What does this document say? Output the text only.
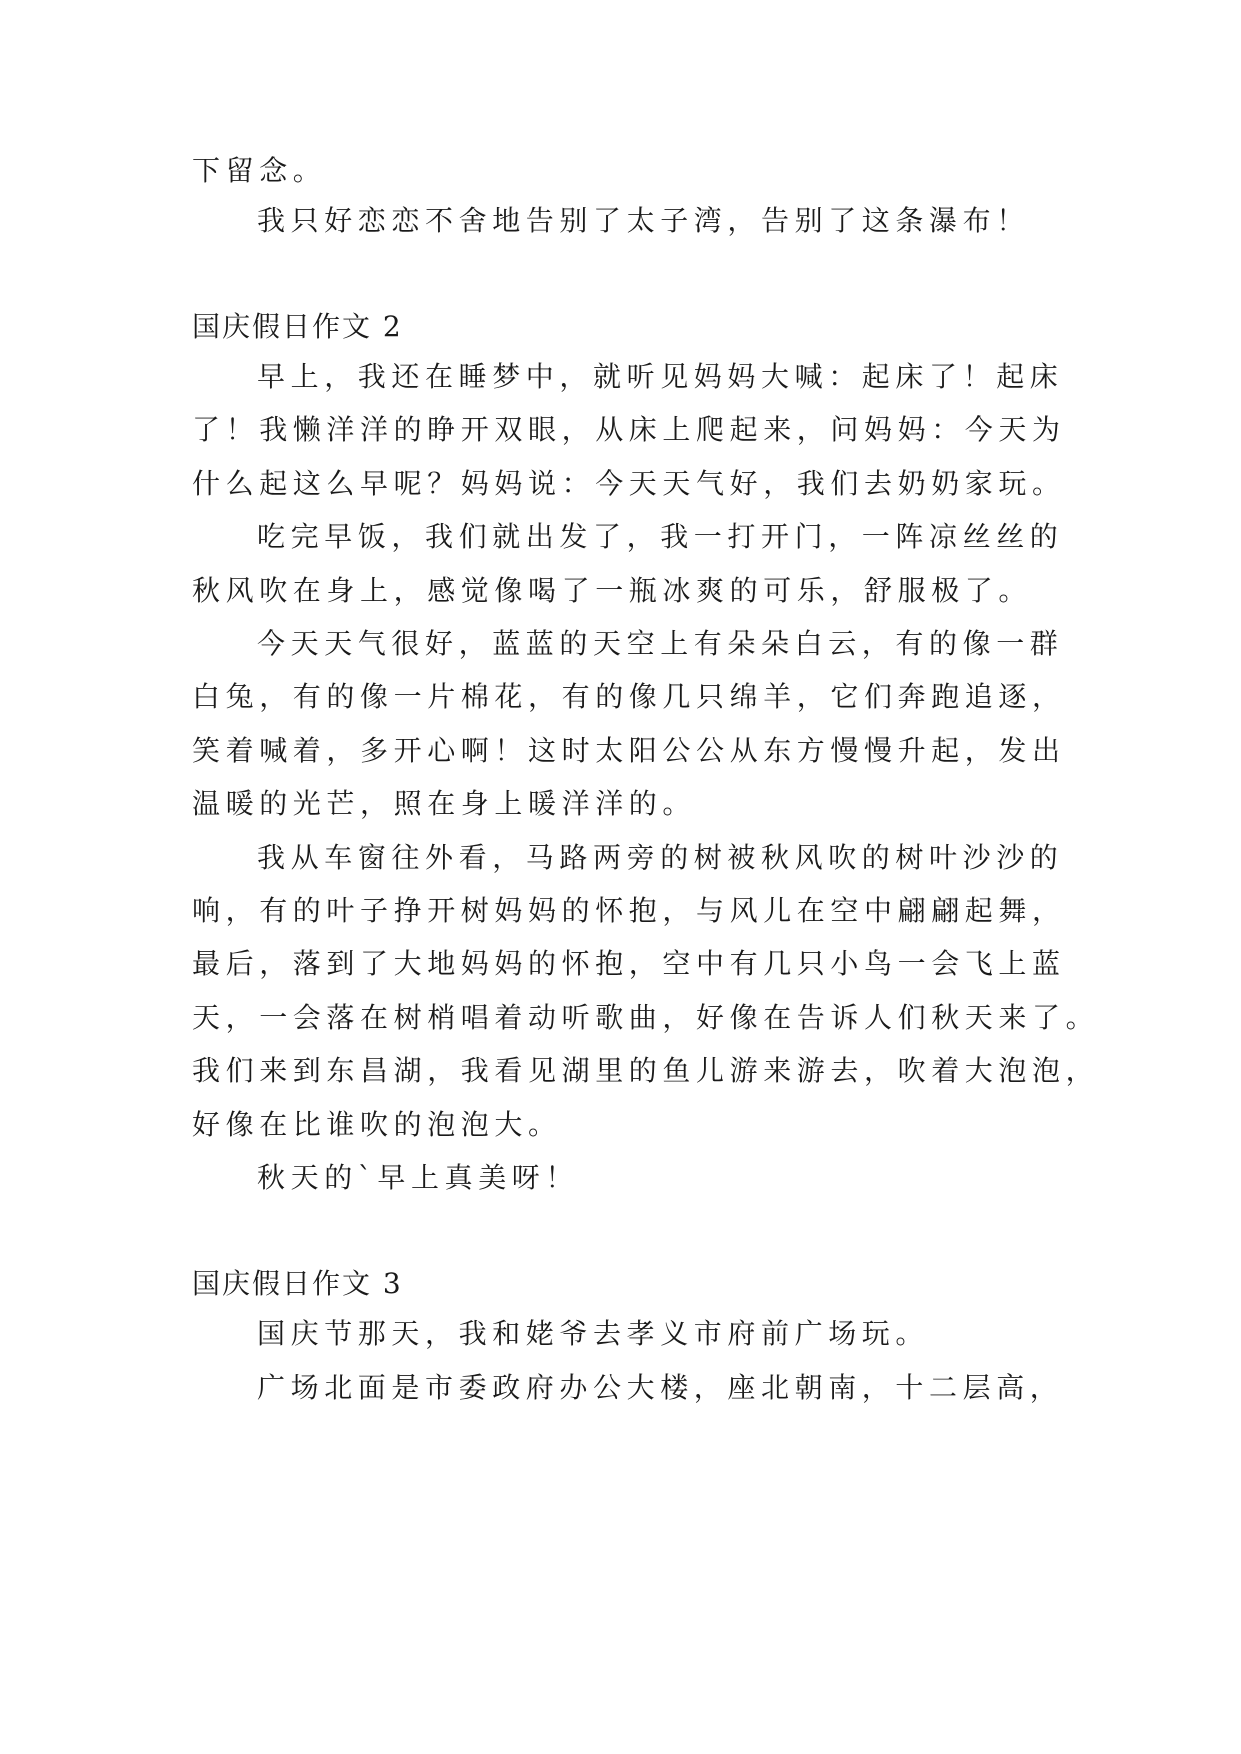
下留念。
我只好恋恋不舍地告别了太子湾，告别了这条瀑布！
国庆假日作文 2
早上，我还在睡梦中，就听见妈妈大喊：起床了！起床
了！我懒洋洋的睁开双眼，从床上爬起来，问妈妈：今天为
什么起这么早呢？妈妈说：今天天气好，我们去奶奶家玩。
吃完早饭，我们就出发了，我一打开门，一阵凉丝丝的
秋风吹在身上，感觉像喝了一瓶冰爽的可乐，舒服极了。
今天天气很好，蓝蓝的天空上有朵朵白云，有的像一群
白兔，有的像一片棉花，有的像几只绵羊，它们奔跑追逐，
笑着喊着，多开心啊！这时太阳公公从东方慢慢升起，发出
温暖的光芒，照在身上暖洋洋的。
我从车窗往外看，马路两旁的树被秋风吹的树叶沙沙的
响，有的叶子挣开树妈妈的怀抱，与风儿在空中翩翩起舞，
最后，落到了大地妈妈的怀抱，空中有几只小鸟一会飞上蓝
天，一会落在树梢唱着动听歌曲，好像在告诉人们秋天来了。
我们来到东昌湖，我看见湖里的鱼儿游来游去，吹着大泡泡，
好像在比谁吹的泡泡大。
秋天的`早上真美呀！
国庆假日作文 3
国庆节那天，我和姥爷去孝义市府前广场玩。
广场北面是市委政府办公大楼，座北朝南，十二层高，
